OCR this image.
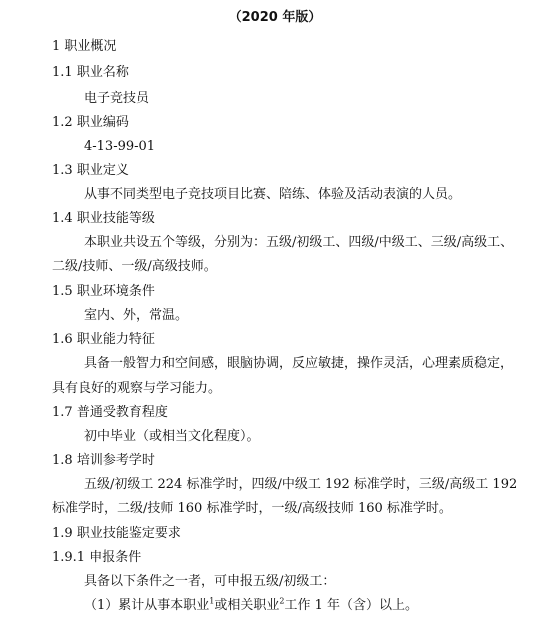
（2020 年版）
1 职业概况
1.1 职业名称
电子竞技员
1.2 职业编码
4-13-99-01
1.3 职业定义
从事不同类型电子竞技项目比赛、陪练、体验及活动表演的人员。
1.4 职业技能等级
本职业共设五个等级，分别为：五级/初级工、四级/中级工、三级/高级工、
二级/技师、一级/高级技师。
1.5 职业环境条件
室内、外，常温。
1.6 职业能力特征
具备一般智力和空间感，眼脑协调，反应敏捷，操作灵活，心理素质稳定，
具有良好的观察与学习能力。
1.7 普通受教育程度
初中毕业（或相当文化程度）。
1.8 培训参考学时
五级/初级工 224 标准学时，四级/中级工 192 标准学时，三级/高级工 192
标准学时，二级/技师 160 标准学时，一级/高级技师 160 标准学时。
1.9 职业技能鉴定要求
1.9.1 申报条件
具备以下条件之一者，可申报五级/初级工：
（1）累计从事本职业$^1$或相关职业$^2$工作 1 年（含）以上。
